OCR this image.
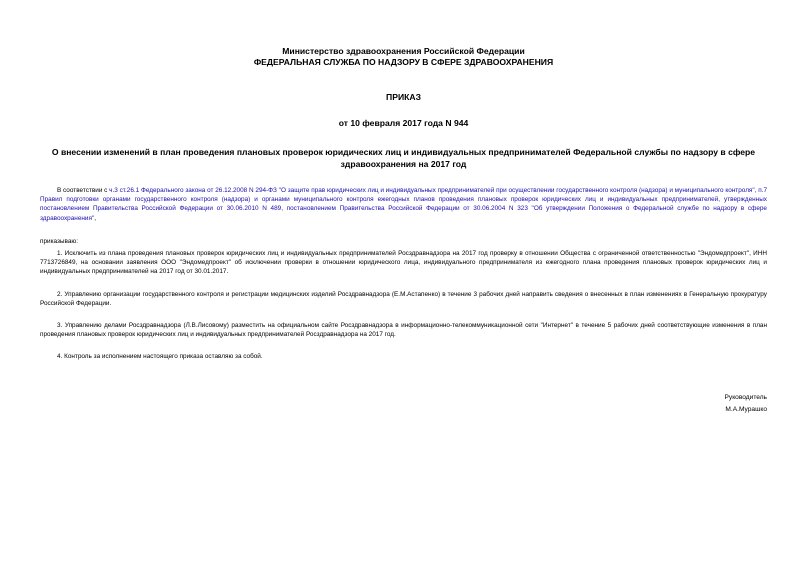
Министерство здравоохранения Российской Федерации
ФЕДЕРАЛЬНАЯ СЛУЖБА ПО НАДЗОРУ В СФЕРЕ ЗДРАВООХРАНЕНИЯ
ПРИКАЗ
от 10 февраля 2017 года N 944
О внесении изменений в план проведения плановых проверок юридических лиц и индивидуальных предпринимателей Федеральной службы по надзору в сфере здравоохранения на 2017 год
В соответствии с ч.3 ст.26.1 Федерального закона от 26.12.2008 N 294-ФЗ "О защите прав юридических лиц и индивидуальных предпринимателей при осуществлении государственного контроля (надзора) и муниципального контроля", п.7 Правил подготовки органами государственного контроля (надзора) и органами муниципального контроля ежегодных планов проведения плановых проверок юридических лиц и индивидуальных предпринимателей, утвержденных постановлением Правительства Российской Федерации от 30.06.2010 N 489, постановлением Правительства Российской Федерации от 30.06.2004 N 323 "Об утверждении Положения о Федеральной службе по надзору в сфере здравоохранения",
приказываю:
1. Исключить из плана проведения плановых проверок юридических лиц и индивидуальных предпринимателей Росздравнадзора на 2017 год проверку в отношении Общества с ограниченной ответственностью "Эндомедпроект", ИНН 7713726849, на основании заявления ООО "Эндомедпроект" об исключении проверки в отношении юридического лица, индивидуального предпринимателя из ежегодного плана проведения плановых проверок юридических лиц и индивидуальных предпринимателей на 2017 год от 30.01.2017.
2. Управлению организации государственного контроля и регистрации медицинских изделий Росздравнадзора (Е.М.Астапенко) в течение 3 рабочих дней направить сведения о внесенных в план изменениях в Генеральную прокуратуру Российской Федерации.
3. Управлению делами Росздравнадзора (Л.В.Лисовому) разместить на официальном сайте Росздравнадзора в информационно-телекоммуникационной сети "Интернет" в течение 5 рабочих дней соответствующие изменения в план проведения плановых проверок юридических лиц и индивидуальных предпринимателей Росздравнадзора на 2017 год.
4. Контроль за исполнением настоящего приказа оставляю за собой.
Руководитель
М.А.Мурашко
